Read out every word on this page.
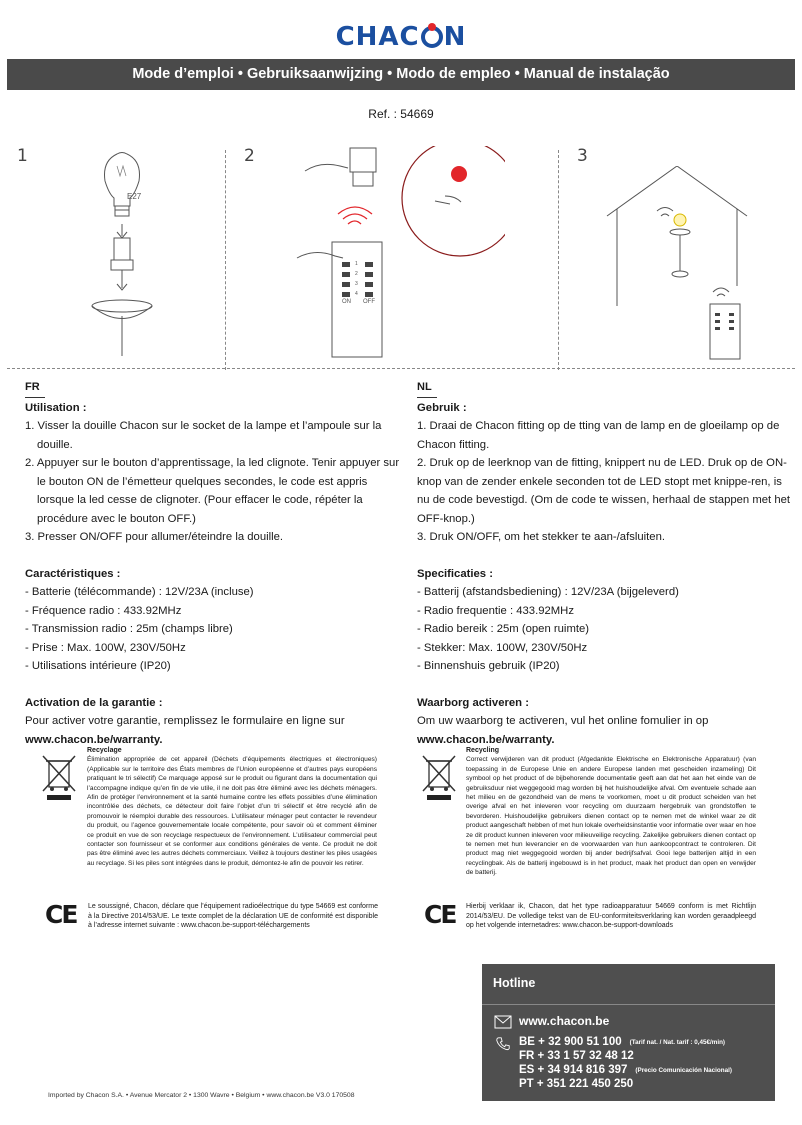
CHAC N
Mode d’emploi • Gebruiksaanwijzing • Modo de empleo • Manual de instalação
Ref. : 54669
1	2	3
E27
1
2
3
4
ON OFF
FR
Utilisation :
1. Visser la douille Chacon sur le socket de la lampe et l’ampoule sur la douille.
2. Appuyer sur le bouton d’apprentissage, la led clignote. Tenir appuyer sur le bouton ON de l’émetteur quelques secondes, le code est appris lorsque la led cesse de clignoter. (Pour effacer le code, répéter la procédure avec le bouton OFF.)
3. Presser ON/OFF pour allumer/éteindre la douille.
Caractéristiques :
- Batterie (télécommande) : 12V/23A (incluse)
- Fréquence radio : 433.92MHz
- Transmission radio : 25m (champs libre)
- Prise : Max. 100W, 230V/50Hz
- Utilisations intérieure (IP20)
Activation de la garantie :
Pour activer votre garantie, remplissez le formulaire en ligne sur
www.chacon.be/warranty.
NL
Gebruik :
1. Draai de Chacon fitting op de tting van de lamp en de gloeilamp op de Chacon fitting.
2. Druk op de leerknop van de fitting, knippert nu de LED. Druk op de ON-knop van de zender enkele seconden tot de LED stopt met knippe-ren, is nu de code bevestigd. (Om de code te wissen, herhaal de stappen met het OFF-knop.)
3. Druk ON/OFF, om het stekker te aan-/afsluiten.
Specificaties :
- Batterij (afstandsbediening) : 12V/23A (bijgeleverd)
- Radio frequentie : 433.92MHz
- Radio bereik : 25m (open ruimte)
- Stekker: Max. 100W, 230V/50Hz
- Binnenshuis gebruik (IP20)
Waarborg activeren :
Om uw waarborg te activeren, vul het online fomulier in op
www.chacon.be/warranty.
Recyclage
Élimination appropriée de cet appareil (Déchets d’équipements électriques et électroniques) (Applicable sur le territoire des États membres de l’Union européenne et d’autres pays européens pratiquant le tri sélectif) Ce marquage apposé sur le produit ou figurant dans la documentation qui l’accompagne indique qu’en fin de vie utile, il ne doit pas être éliminé avec les déchets ménagers. Afin de protéger l’environnement et la santé humaine contre les effets possibles d’une élimination incontrôlée des déchets, ce détecteur doit faire l’objet d’un tri sélectif et être recyclé afin de promouvoir le réemploi durable des ressources. L’utilisateur ménager peut contacter le revendeur du produit, ou l’agence gouvernementale locale compétente, pour savoir où et comment éliminer ce produit en vue de son recyclage respectueux de l’environnement. L’utilisateur commercial peut contacter son fournisseur et se conformer aux conditions générales de vente. Ce produit ne doit pas être éliminé avec les autres déchets commerciaux. Veillez à toujours destiner les piles usagées au recyclage. Si les piles sont intégrées dans le produit, démontez-le afin de pouvoir les retirer.
Recycling
Correct verwijderen van dit product (Afgedankte Elektrische en Elektronische Apparatuur) (van toepassing in de Europese Unie en andere Europese landen met gescheiden inzameling) Dit symbool op het product of de bijbehorende documentatie geeft aan dat het aan het einde van de gebruiksduur niet weggegooid mag worden bij het huishoudelijke afval. Om eventuele schade aan het milieu en de gezondheid van de mens te voorkomen, moet u dit product scheiden van het overige afval en het inleveren voor recycling om duurzaam hergebruik van grondstoffen te bevorderen. Huishoudelijke gebruikers dienen contact op te nemen met de winkel waar ze dit product aangeschaft hebben of met hun lokale overheidsinstantie voor informatie over waar en hoe ze dit product kunnen inleveren voor milieuveilige recycling. Zakelijke gebruikers dienen contact op te nemen met hun leverancier en de voorwaarden van hun aankoopcontract te controleren. Dit product mag niet weggegooid worden bij ander bedrijfsafval. Gooi lege batterijen altijd in een recyclingbak. Als de batterij ingebouwd is in het product, maak het product dan open en verwijder de batterij.
CE Le soussigné, Chacon, déclare que l’équipement radioélectrique du type 54669 est conforme à la Directive 2014/53/UE. Le texte complet de la déclaration UE de conformité est disponible à l’adresse internet suivante : www.chacon.be-support-téléchargements	CE Hierbij verklaar ik, Chacon, dat het type radioapparatuur 54669 conform is met Richtlijn 2014/53/EU. De volledige tekst van de EU-conformiteitsverklaring kan worden geraadpleegd op het volgende internetadres: www.chacon.be-support-downloads
Hotline
www.chacon.be
BE + 32 900 51 100 (Tarif nat. / Nat. tarif : 0,45€/min)
FR + 33 1 57 32 48 12
ES + 34 914 816 397 (Precio Comunicación Nacional)
PT + 351 221 450 250
Imported by Chacon S.A. • Avenue Mercator 2 • 1300 Wavre • Belgium • www.chacon.be V3.0 170508
